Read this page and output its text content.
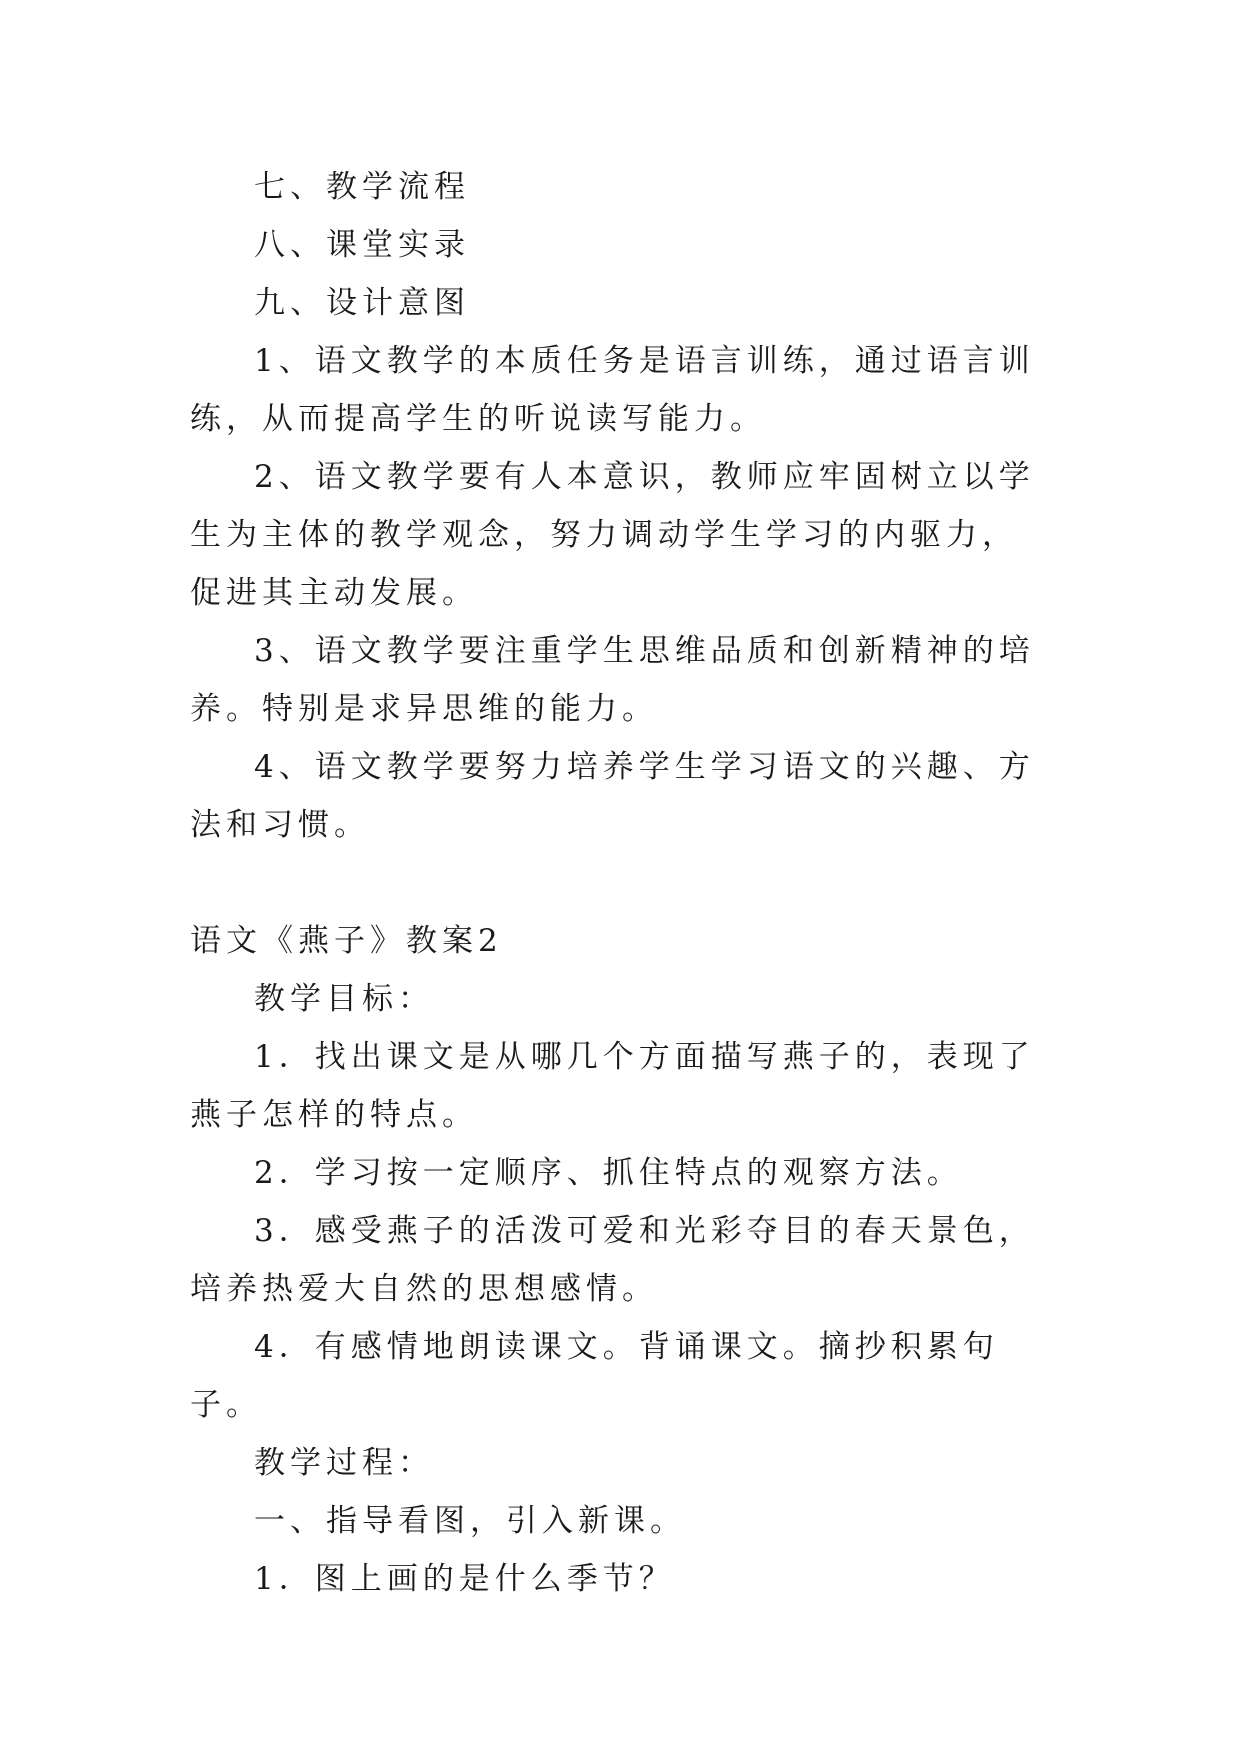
七、教学流程

八、课堂实录

九、设计意图

1、语文教学的本质任务是语言训练，通过语言训练，从而提高学生的听说读写能力。

2、语文教学要有人本意识，教师应牢固树立以学生为主体的教学观念，努力调动学生学习的内驱力，促进其主动发展。

3、语文教学要注重学生思维品质和创新精神的培养。特别是求异思维的能力。

4、语文教学要努力培养学生学习语文的兴趣、方法和习惯。

语文《燕子》教案2

教学目标：

1．找出课文是从哪几个方面描写燕子的，表现了燕子怎样的特点。

2．学习按一定顺序、抓住特点的观察方法。

3．感受燕子的活泼可爱和光彩夺目的春天景色，培养热爱大自然的思想感情。

4．有感情地朗读课文。背诵课文。摘抄积累句子。

教学过程：

一、指导看图，引入新课。

1．图上画的是什么季节？
